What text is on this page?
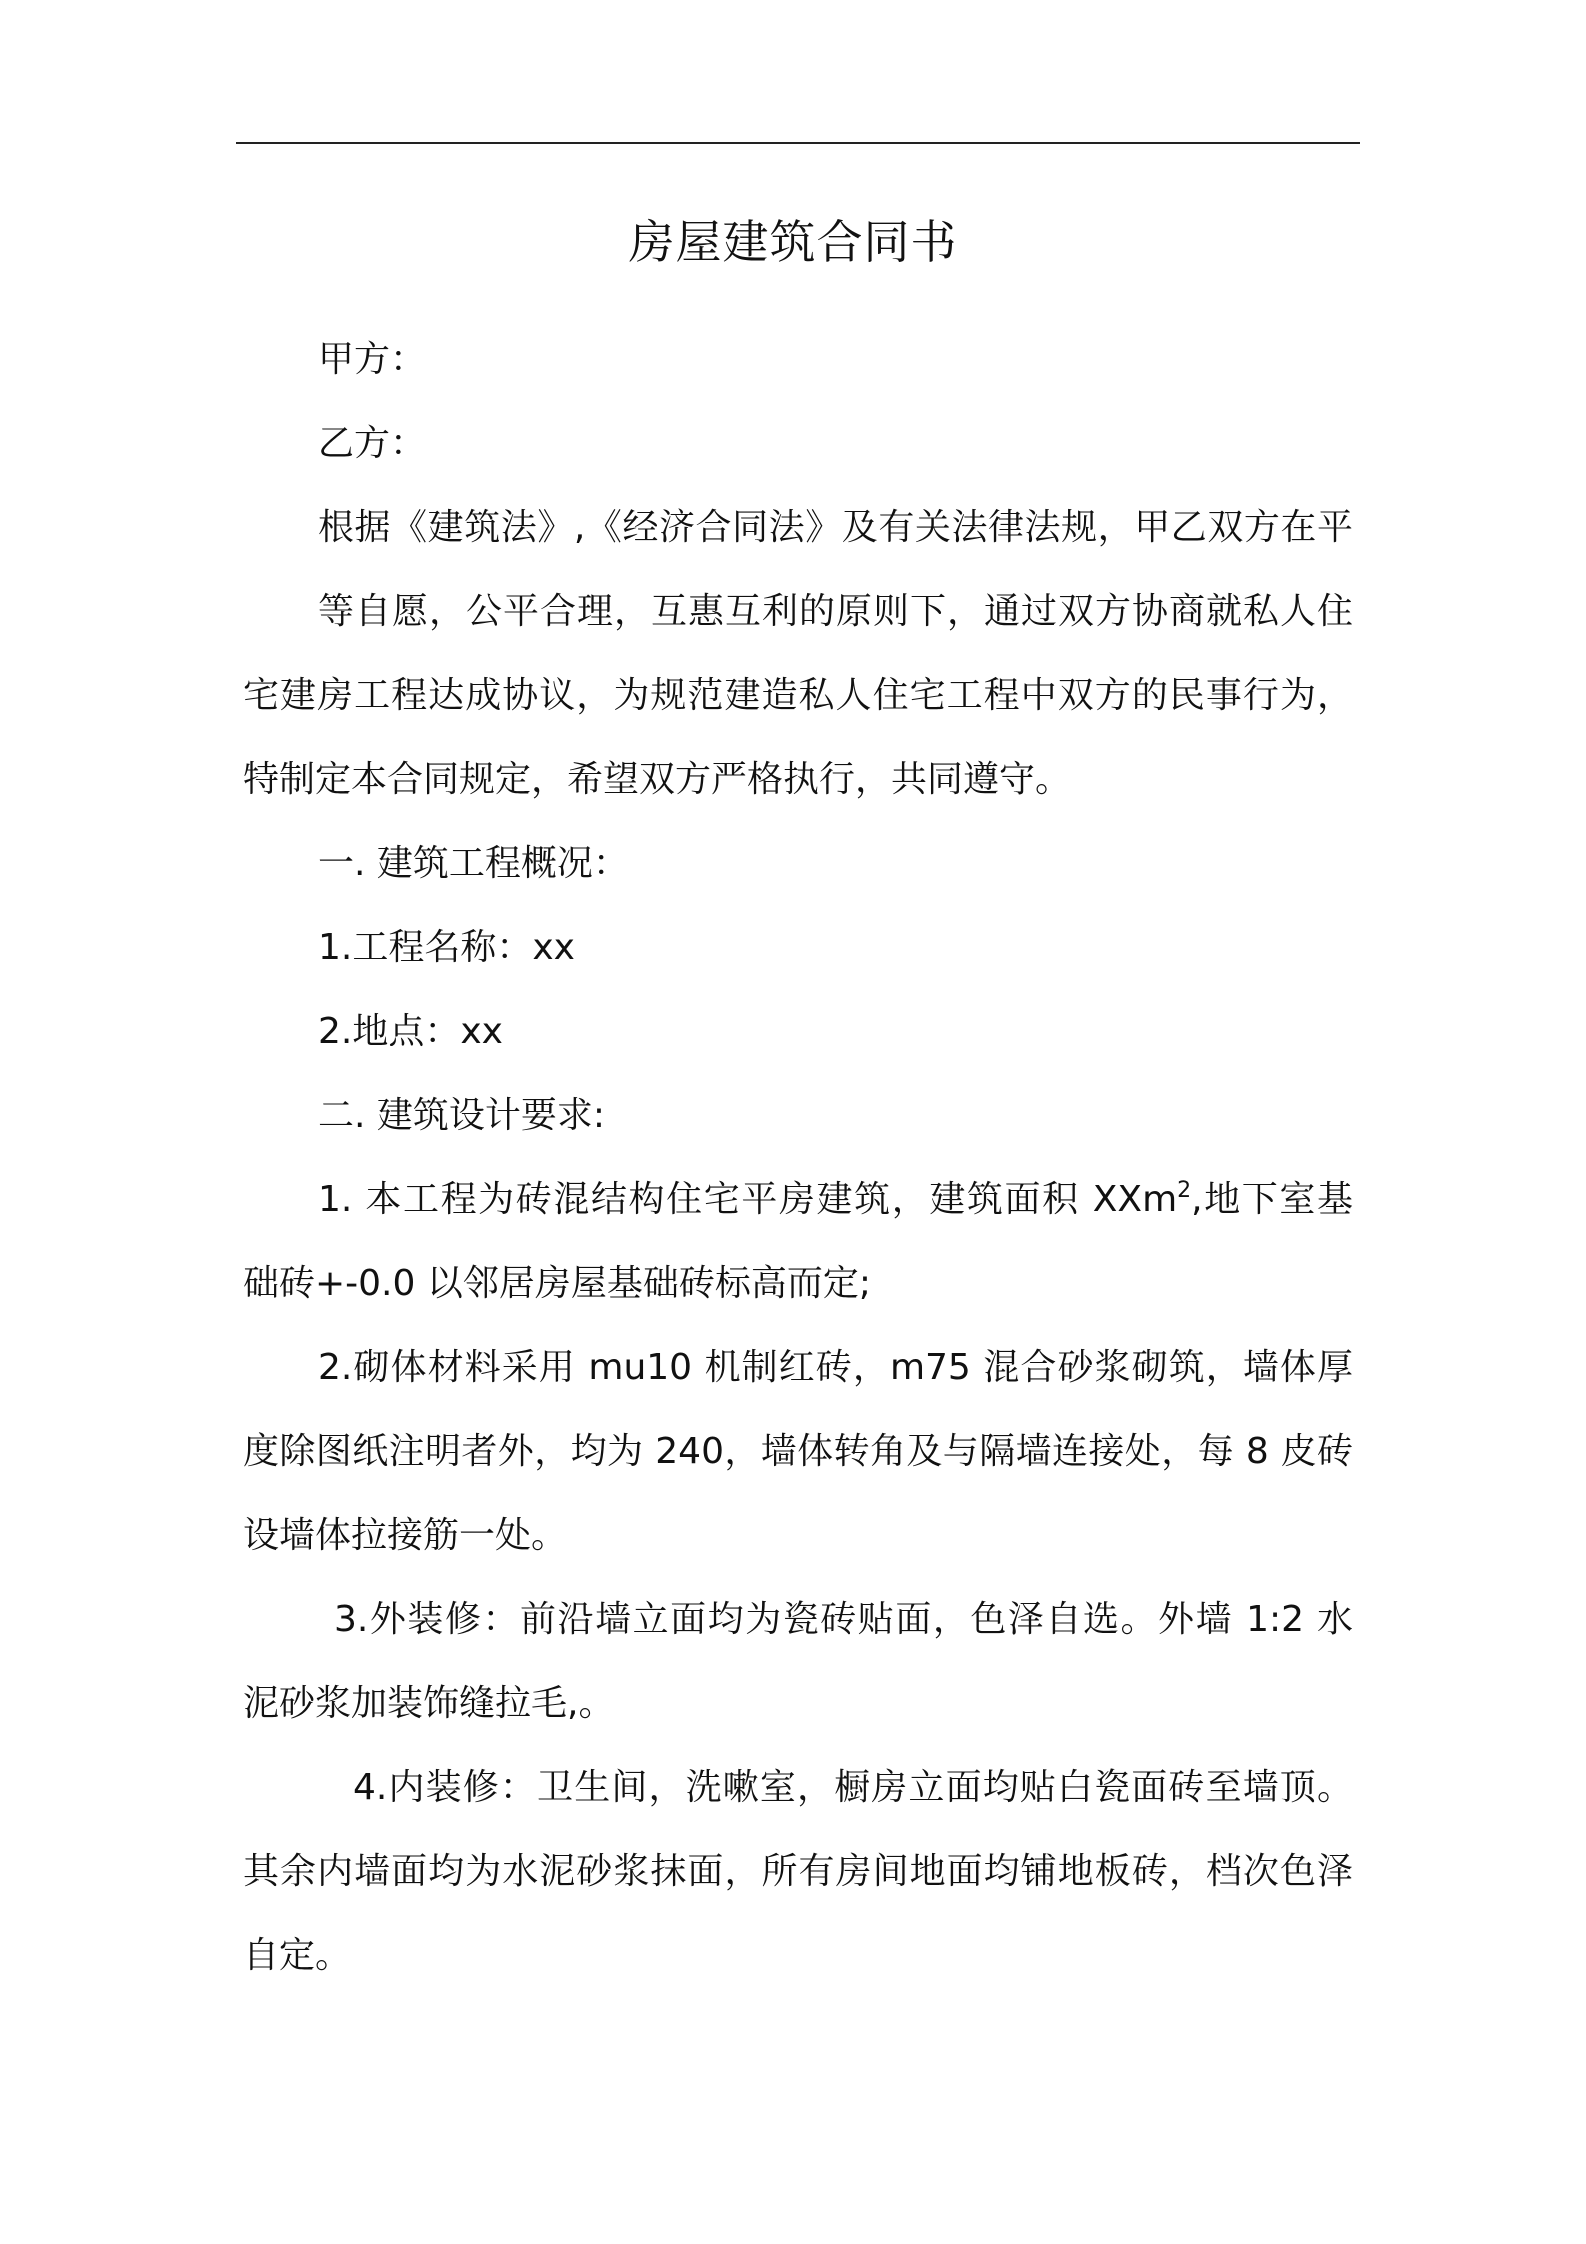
房屋建筑合同书
甲方：
乙方：
根据《建筑法》,《经济合同法》及有关法律法规，甲乙双方在平
等自愿，公平合理，互惠互利的原则下，通过双方协商就私人住
宅建房工程达成协议，为规范建造私人住宅工程中双方的民事行为，
特制定本合同规定，希望双方严格执行，共同遵守。
一. 建筑工程概况：
1.工程名称：xx
2.地点：xx
二. 建筑设计要求:
1. 本工程为砖混结构住宅平房建筑，建筑面积 XXm$^2$,地下室基
础砖+-0.0 以邻居房屋基础砖标高而定;
2.砌体材料采用 mu10 机制红砖，m75 混合砂浆砌筑，墙体厚
度除图纸注明者外，均为 240，墙体转角及与隔墙连接处，每 8 皮砖
设墙体拉接筋一处。
3.外装修：前沿墙立面均为瓷砖贴面，色泽自选。外墙 1:2 水
泥砂浆加装饰缝拉毛,。
4.内装修：卫生间，洗嗽室，橱房立面均贴白瓷面砖至墙顶。
其余内墙面均为水泥砂浆抹面，所有房间地面均铺地板砖，档次色泽
自定。
